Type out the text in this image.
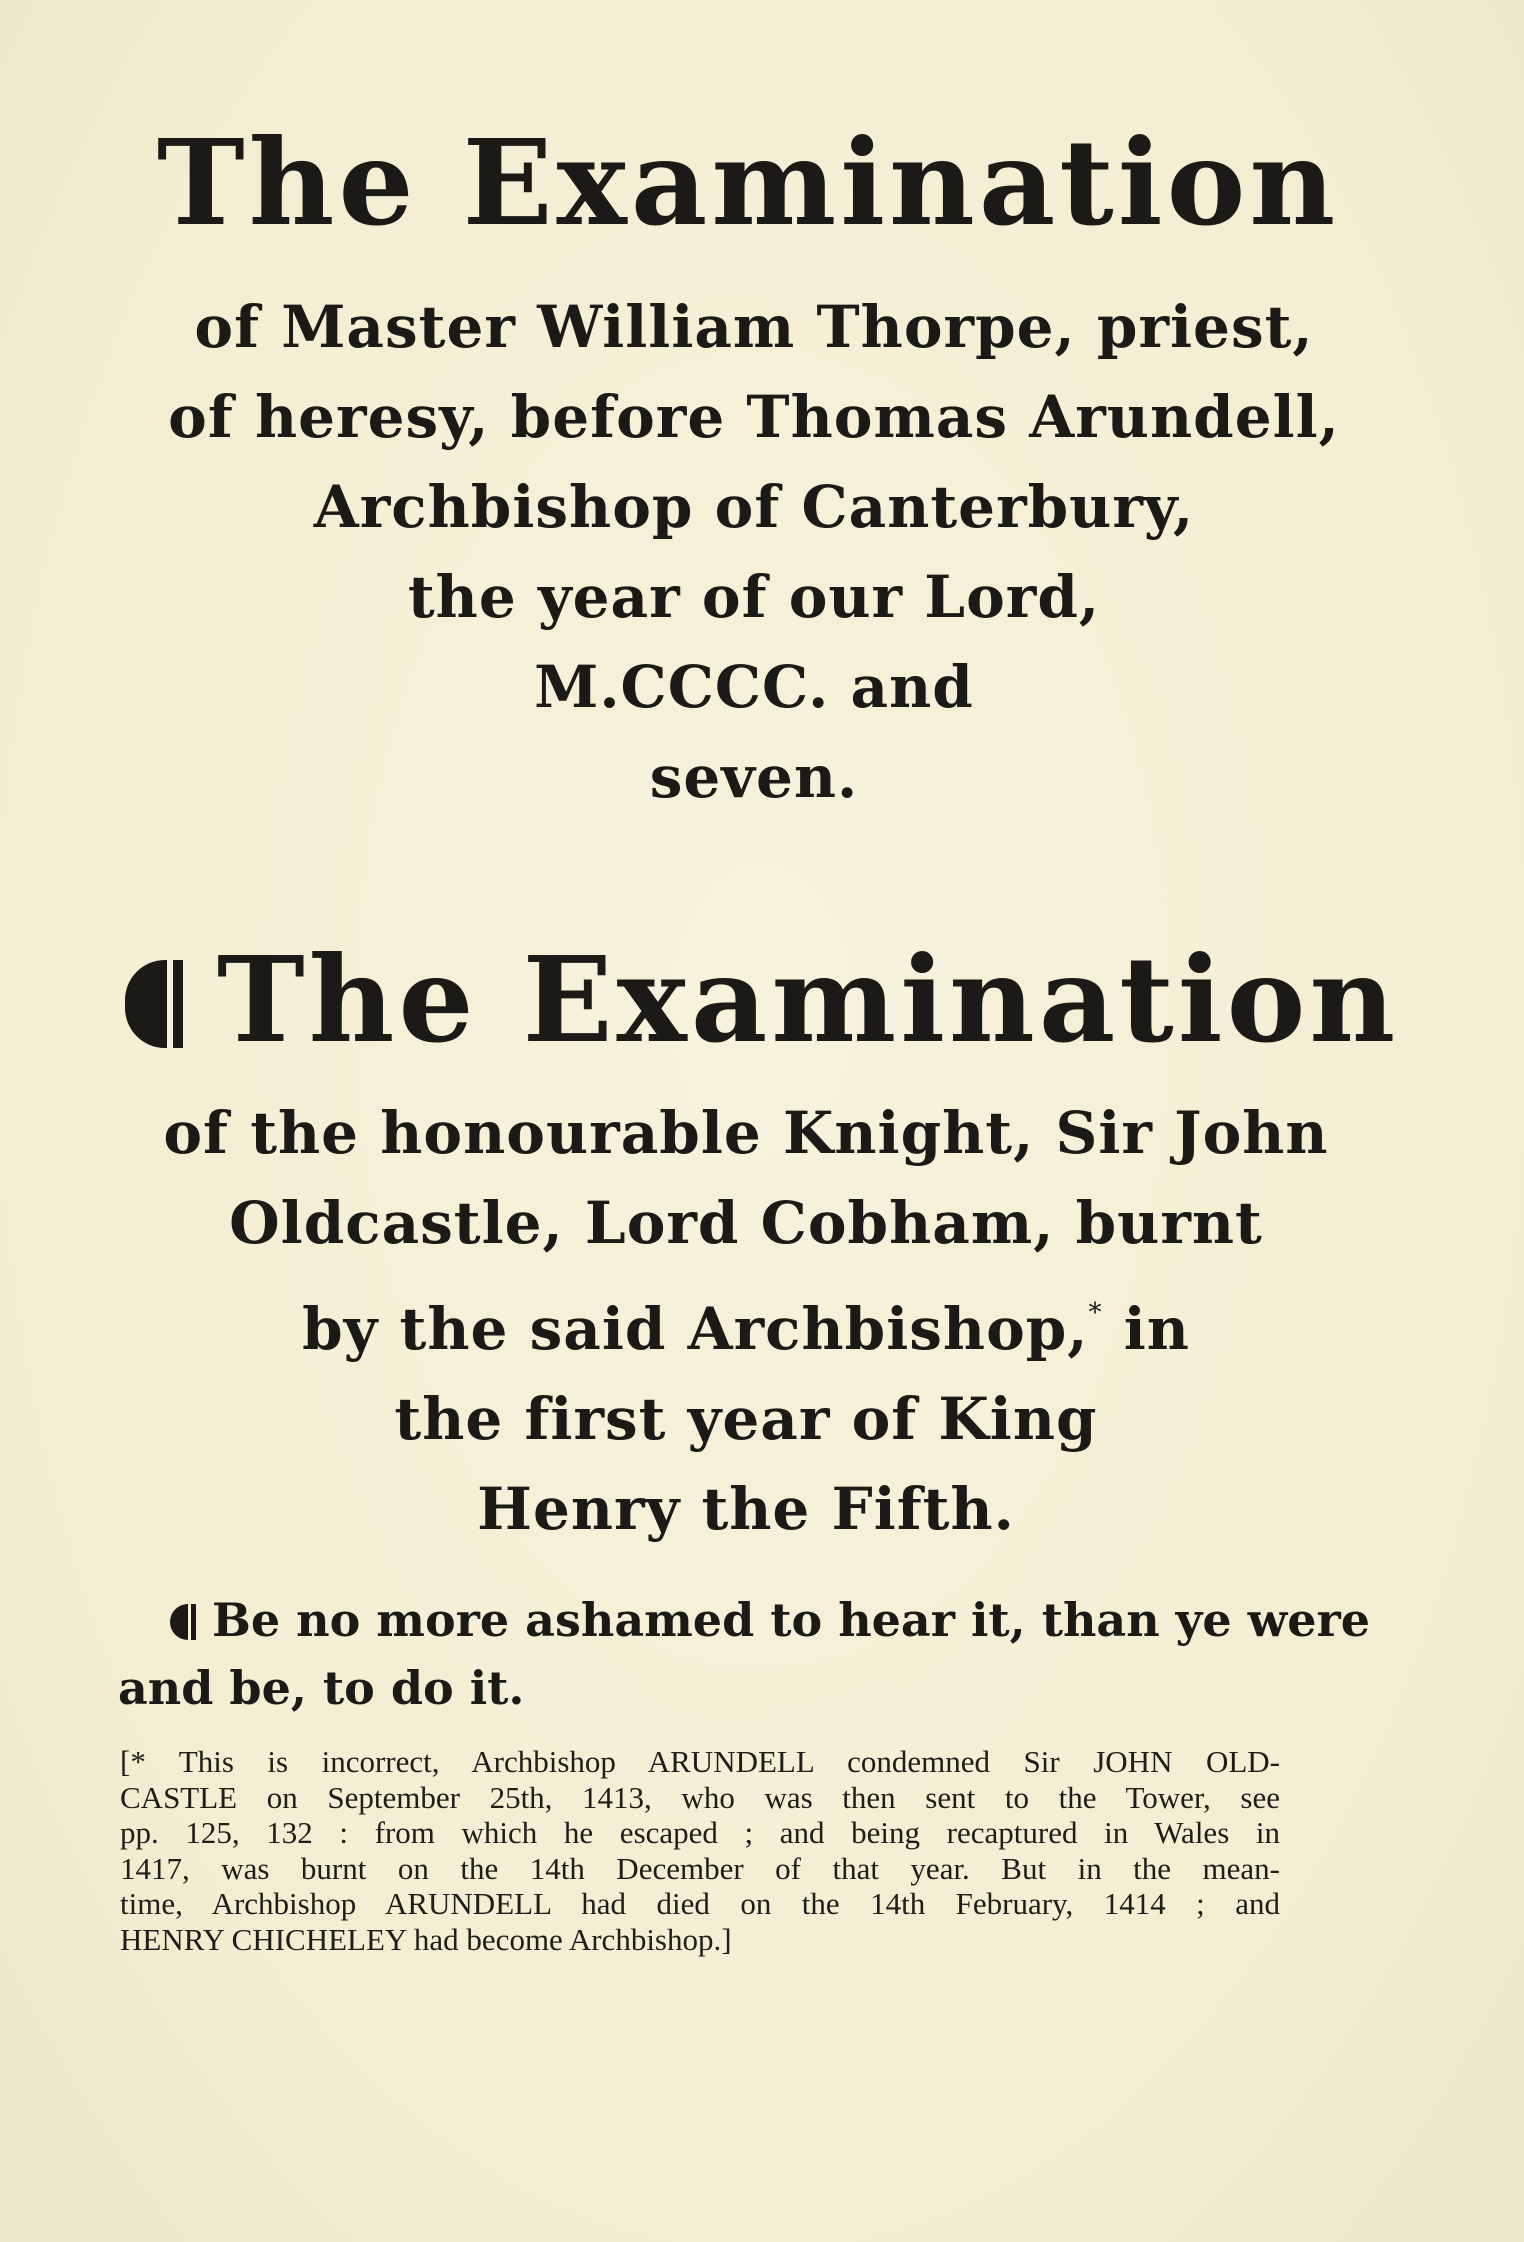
The Examination
of Master William Thorpe, priest,
of heresy, before Thomas Arundell,
Archbishop of Canterbury,
the year of our Lord,
M.CCCC. and
seven.
The Examination
of the honourable Knight, Sir John
Oldcastle, Lord Cobham, burnt
by the said Archbishop,* in
the first year of King
Henry the Fifth.
Be no more ashamed to hear it, than ye were
and be, to do it.
[* This is incorrect, Archbishop ARUNDELL condemned Sir JOHN OLD-
CASTLE on September 25th, 1413, who was then sent to the Tower, see
pp. 125, 132 : from which he escaped ; and being recaptured in Wales in
1417, was burnt on the 14th December of that year. But in the mean-
time, Archbishop ARUNDELL had died on the 14th February, 1414 ; and
HENRY CHICHELEY had become Archbishop.]
